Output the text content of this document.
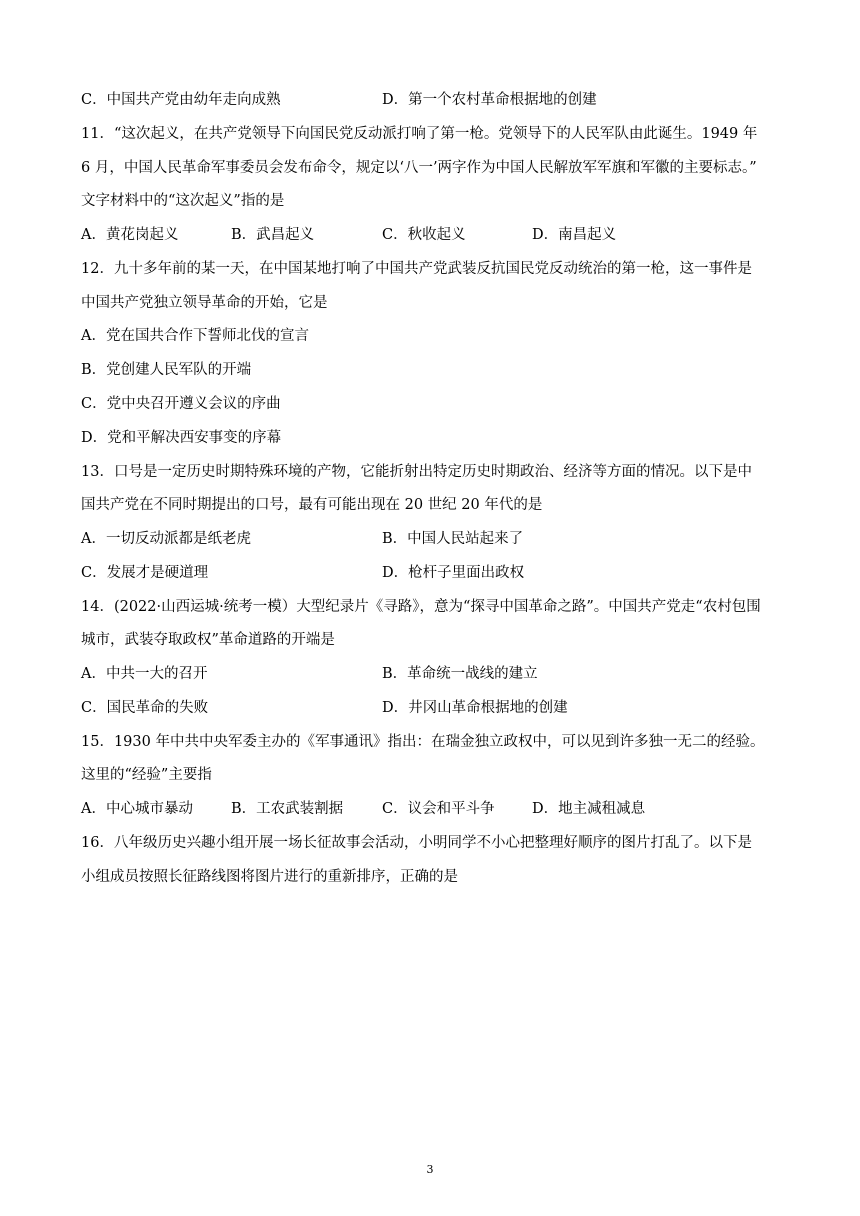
C．中国共产党由幼年走向成熟	D．第一个农村革命根据地的创建
11．“这次起义，在共产党领导下向国民党反动派打响了第一枪。党领导下的人民军队由此诞生。1949 年
6 月，中国人民革命军事委员会发布命令，规定以‘八一’两字作为中国人民解放军军旗和军徽的主要标志。”
文字材料中的“这次起义”指的是
A．黄花岗起义	B．武昌起义	C．秋收起义	D．南昌起义
12．九十多年前的某一天，在中国某地打响了中国共产党武装反抗国民党反动统治的第一枪，这一事件是
中国共产党独立领导革命的开始，它是
A．党在国共合作下誓师北伐的宣言
B．党创建人民军队的开端
C．党中央召开遵义会议的序曲
D．党和平解决西安事变的序幕
13．口号是一定历史时期特殊环境的产物，它能折射出特定历史时期政治、经济等方面的情况。以下是中
国共产党在不同时期提出的口号，最有可能出现在 20 世纪 20 年代的是
A．一切反动派都是纸老虎	B．中国人民站起来了
C．发展才是硬道理	D．枪杆子里面出政权
14．(2022·山西运城·统考一模）大型纪录片《寻路》，意为“探寻中国革命之路”。中国共产党走“农村包围
城市，武装夺取政权”革命道路的开端是
A．中共一大的召开	B．革命统一战线的建立
C．国民革命的失败	D．井冈山革命根据地的创建
15．1930 年中共中央军委主办的《军事通讯》指出：在瑞金独立政权中，可以见到许多独一无二的经验。
这里的“经验”主要指
A．中心城市暴动	B．工农武装割据	C．议会和平斗争	D．地主减租减息
16．八年级历史兴趣小组开展一场长征故事会活动，小明同学不小心把整理好顺序的图片打乱了。以下是
小组成员按照长征路线图将图片进行的重新排序，正确的是
3
